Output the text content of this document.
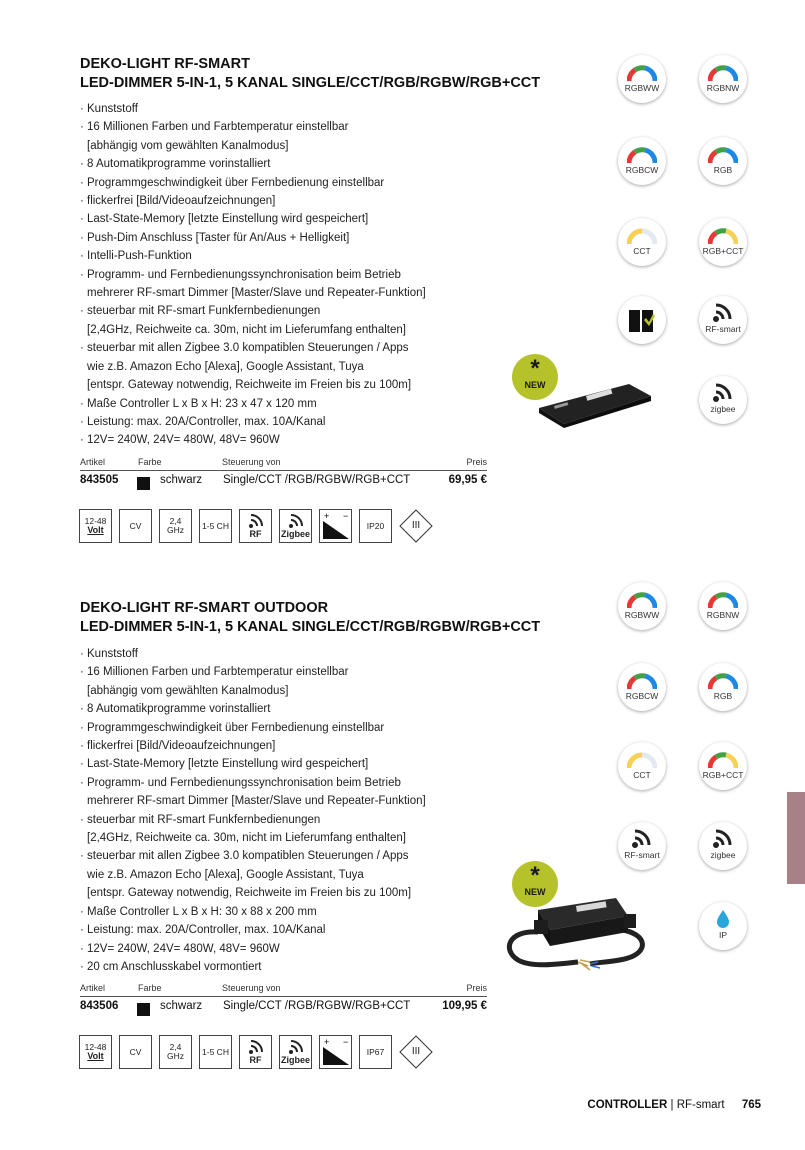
DEKO-LIGHT RF-SMART
LED-DIMMER 5-IN-1, 5 KANAL SINGLE/CCT/RGB/RGBW/RGB+CCT
· Kunststoff
· 16 Millionen Farben und Farbtemperatur einstellbar
[abhängig vom gewählten Kanalmodus]
· 8 Automatikprogramme vorinstalliert
· Programmgeschwindigkeit über Fernbedienung einstellbar
· flickerfrei [Bild/Videoaufzeichnungen]
· Last-State-Memory [letzte Einstellung wird gespeichert]
· Push-Dim Anschluss [Taster für An/Aus + Helligkeit]
· Intelli-Push-Funktion
· Programm- und Fernbedienungssynchronisation beim Betrieb
mehrerer RF-smart Dimmer [Master/Slave und Repeater-Funktion]
· steuerbar mit RF-smart Funkfernbedienungen
[2,4GHz, Reichweite ca. 30m, nicht im Lieferumfang enthalten]
· steuerbar mit allen Zigbee 3.0 kompatiblen Steuerungen / Apps
wie z.B. Amazon Echo [Alexa], Google Assistant, Tuya
[entspr. Gateway notwendig, Reichweite im Freien bis zu 100m]
· Maße Controller L x B x H: 23 x 47 x 120 mm
· Leistung: max. 20A/Controller, max. 10A/Kanal
· 12V= 240W, 24V= 480W, 48V= 960W
Artikel	Farbe	Steuerung von	Preis
843505	schwarz Single/CCT /RGB/RGBW/RGB+CCT	69,95 €
12-48
Volt	CV	2,4
GHz 1-5 CH
RF Zigbee
+ −
IP20	III
RGBWW	RGBNW
RGBCW	RGB
CCT	RGB+CCT
RF-smart
zigbee
*
NEW
DEKO-LIGHT RF-SMART OUTDOOR
LED-DIMMER 5-IN-1, 5 KANAL SINGLE/CCT/RGB/RGBW/RGB+CCT
· Kunststoff
· 16 Millionen Farben und Farbtemperatur einstellbar
[abhängig vom gewählten Kanalmodus]
· 8 Automatikprogramme vorinstalliert
· Programmgeschwindigkeit über Fernbedienung einstellbar
· flickerfrei [Bild/Videoaufzeichnungen]
· Last-State-Memory [letzte Einstellung wird gespeichert]
· Programm- und Fernbedienungssynchronisation beim Betrieb
mehrerer RF-smart Dimmer [Master/Slave und Repeater-Funktion]
· steuerbar mit RF-smart Funkfernbedienungen
[2,4GHz, Reichweite ca. 30m, nicht im Lieferumfang enthalten]
· steuerbar mit allen Zigbee 3.0 kompatiblen Steuerungen / Apps
wie z.B. Amazon Echo [Alexa], Google Assistant, Tuya
[entspr. Gateway notwendig, Reichweite im Freien bis zu 100m]
· Maße Controller L x B x H: 30 x 88 x 200 mm
· Leistung: max. 20A/Controller, max. 10A/Kanal
· 12V= 240W, 24V= 480W, 48V= 960W
· 20 cm Anschlusskabel vormontiert
Artikel	Farbe	Steuerung von	Preis
843506	schwarz Single/CCT /RGB/RGBW/RGB+CCT	109,95 €
12-48
Volt	CV	2,4
GHz 1-5 CH
RF Zigbee
+ −
IP67	III
RGBWW	RGBNW
RGBCW	RGB
CCT	RGB+CCT
RF-smart	zigbee
IP
*
NEW
CONTROLLER | RF-smart 765
